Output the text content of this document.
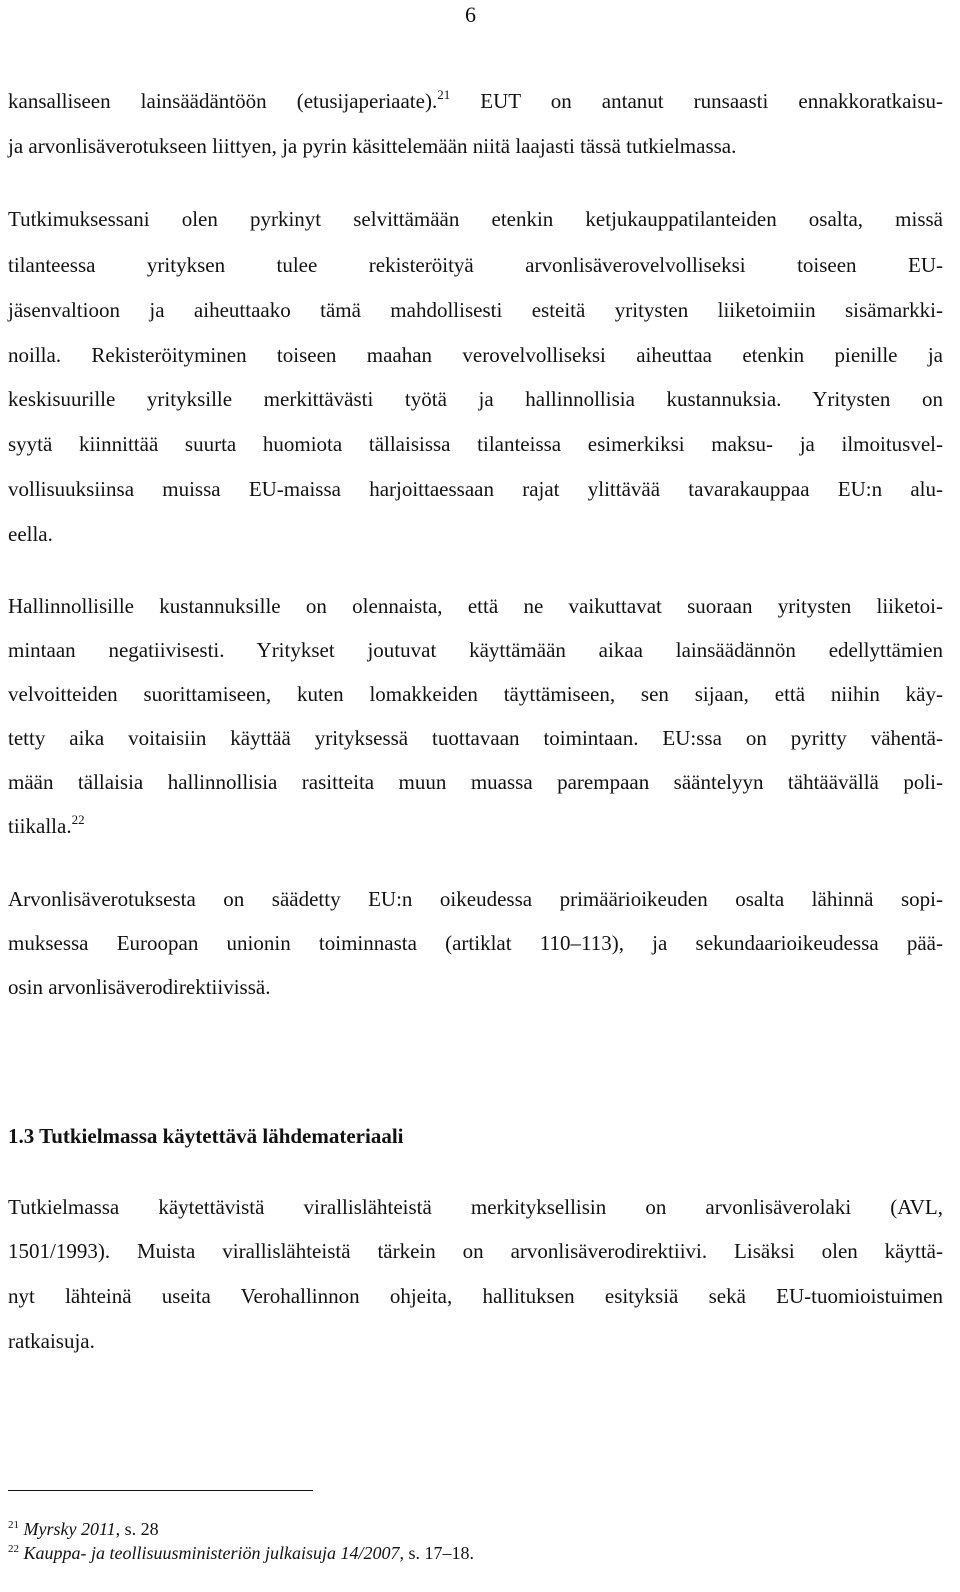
6
kansalliseen lainsäädäntöön (etusijaperiaate).$^{21}$ EUT on antanut runsaasti ennakkoratkaisu-
ja arvonlisäverotukseen liittyen, ja pyrin käsittelemään niitä laajasti tässä tutkielmassa.
Tutkimuksessani olen pyrkinyt selvittämään etenkin ketjukauppatilanteiden osalta, missä
tilanteessa yrityksen tulee rekisteröityä arvonlisäverovelvolliseksi toiseen EU-
jäsenvaltioon ja aiheuttaako tämä mahdollisesti esteitä yritysten liiketoimiin sisämarkki-
noilla. Rekisteröityminen toiseen maahan verovelvolliseksi aiheuttaa etenkin pienille ja
keskisuurille yrityksille merkittävästi työtä ja hallinnollisia kustannuksia. Yritysten on
syytä kiinnittää suurta huomiota tällaisissa tilanteissa esimerkiksi maksu- ja ilmoitusvel-
vollisuuksiinsa muissa EU-maissa harjoittaessaan rajat ylittävää tavarakauppaa EU:n alu-
eella.
Hallinnollisille kustannuksille on olennaista, että ne vaikuttavat suoraan yritysten liiketoi-
mintaan negatiivisesti. Yritykset joutuvat käyttämään aikaa lainsäädännön edellyttämien
velvoitteiden suorittamiseen, kuten lomakkeiden täyttämiseen, sen sijaan, että niihin käy-
tetty aika voitaisiin käyttää yrityksessä tuottavaan toimintaan. EU:ssa on pyritty vähentä-
mään tällaisia hallinnollisia rasitteita muun muassa parempaan sääntelyyn tähtäävällä poli-
tiikalla.$^{22}$
Arvonlisäverotuksesta on säädetty EU:n oikeudessa primäärioikeuden osalta lähinnä sopi-
muksessa Euroopan unionin toiminnasta (artiklat 110–113), ja sekundaarioikeudessa pää-
osin arvonlisäverodirektiivissä.
1.3 Tutkielmassa käytettävä lähdemateriaali
Tutkielmassa käytettävistä virallislähteistä merkityksellisin on arvonlisäverolaki (AVL,
1501/1993). Muista virallislähteistä tärkein on arvonlisäverodirektiivi. Lisäksi olen käyttä-
nyt lähteinä useita Verohallinnon ohjeita, hallituksen esityksiä sekä EU-tuomioistuimen
ratkaisuja.
$^{21}$ Myrsky 2011, s. 28
$^{22}$ Kauppa- ja teollisuusministeriön julkaisuja 14/2007, s. 17–18.
